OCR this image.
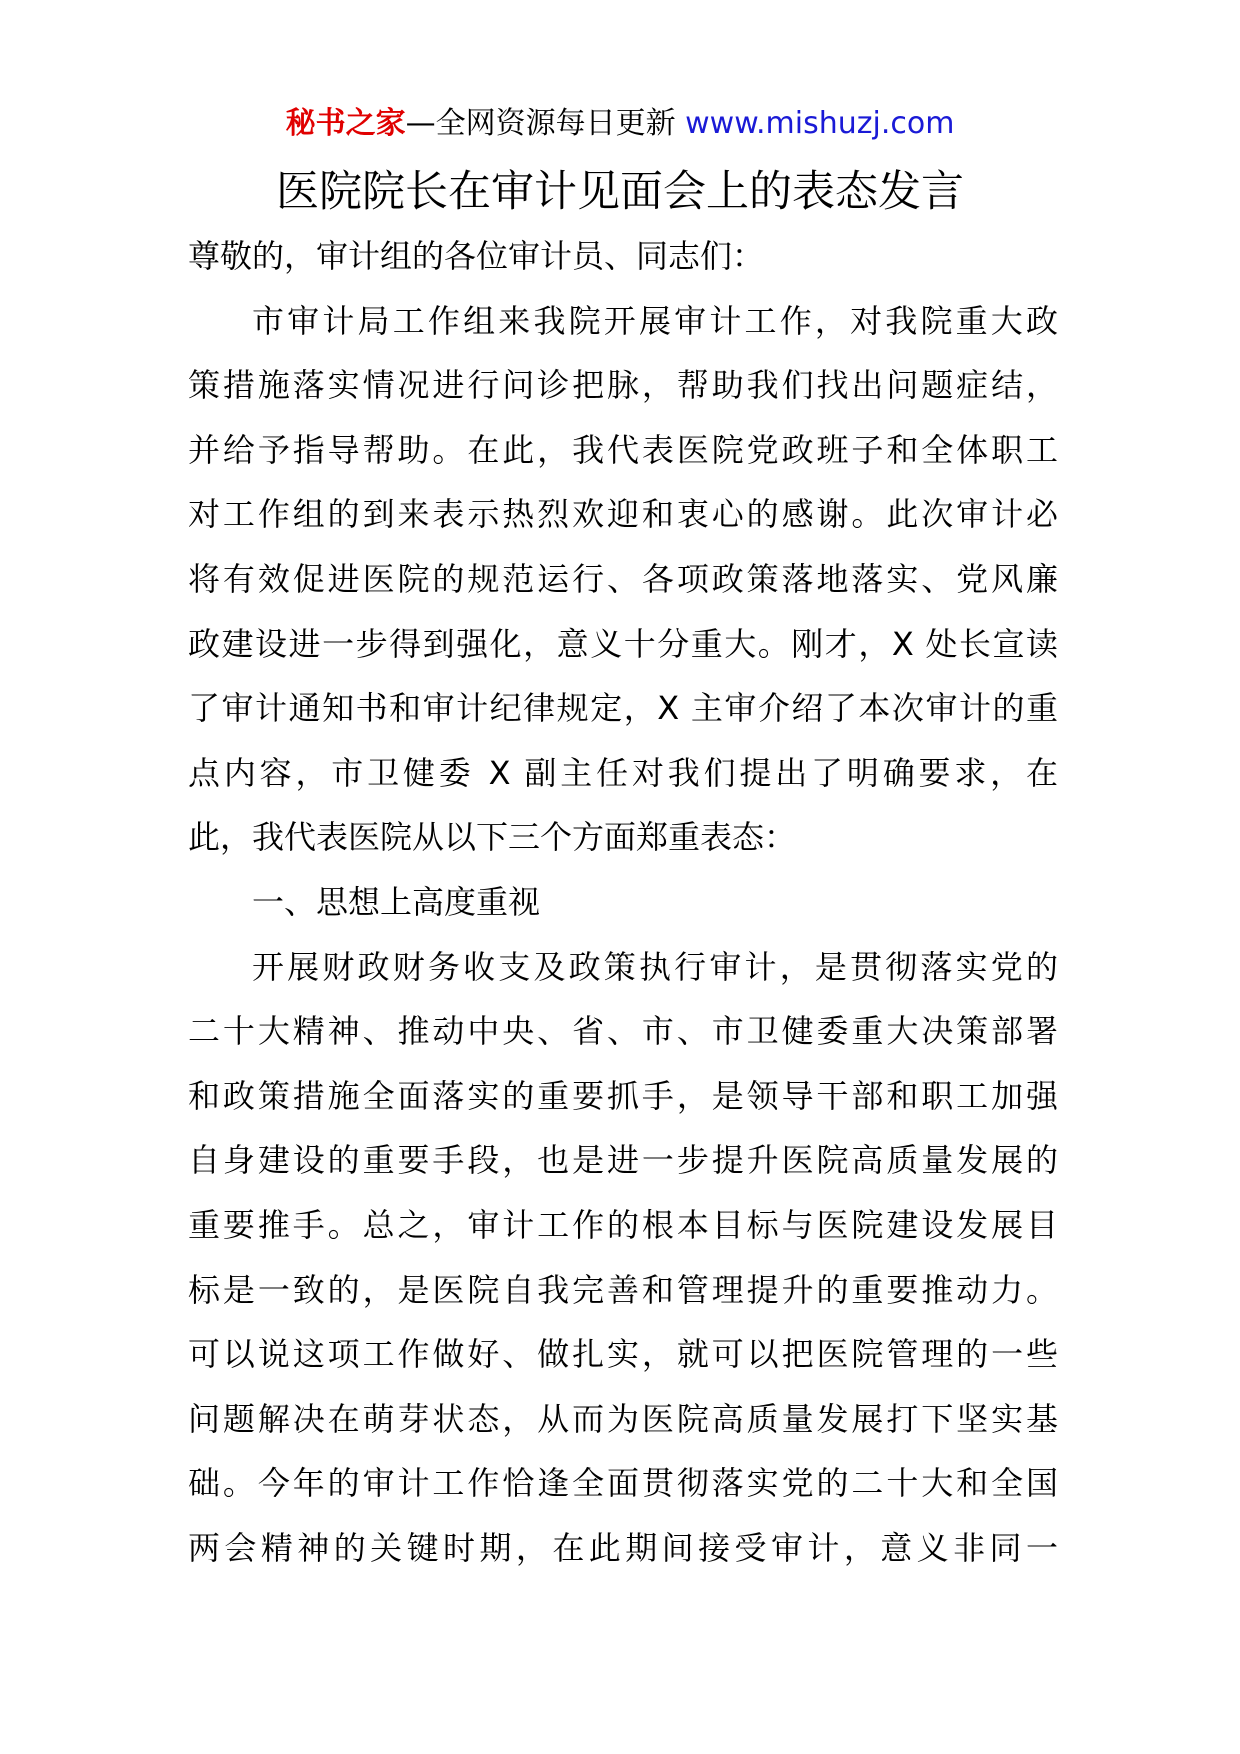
秘书之家—全网资源每日更新 www.mishuzj.com
医院院长在审计见面会上的表态发言
尊敬的，审计组的各位审计员、同志们：
市审计局工作组来我院开展审计工作，对我院重大政
策措施落实情况进行问诊把脉，帮助我们找出问题症结，
并给予指导帮助。在此，我代表医院党政班子和全体职工
对工作组的到来表示热烈欢迎和衷心的感谢。此次审计必
将有效促进医院的规范运行、各项政策落地落实、党风廉
政建设进一步得到强化，意义十分重大。刚才，X 处长宣读
了审计通知书和审计纪律规定，X 主审介绍了本次审计的重
点内容，市卫健委 X 副主任对我们提出了明确要求，在
此，我代表医院从以下三个方面郑重表态：
一、思想上高度重视
开展财政财务收支及政策执行审计，是贯彻落实党的
二十大精神、推动中央、省、市、市卫健委重大决策部署
和政策措施全面落实的重要抓手，是领导干部和职工加强
自身建设的重要手段，也是进一步提升医院高质量发展的
重要推手。总之，审计工作的根本目标与医院建设发展目
标是一致的，是医院自我完善和管理提升的重要推动力。
可以说这项工作做好、做扎实，就可以把医院管理的一些
问题解决在萌芽状态，从而为医院高质量发展打下坚实基
础。今年的审计工作恰逢全面贯彻落实党的二十大和全国
两会精神的关键时期，在此期间接受审计，意义非同一
